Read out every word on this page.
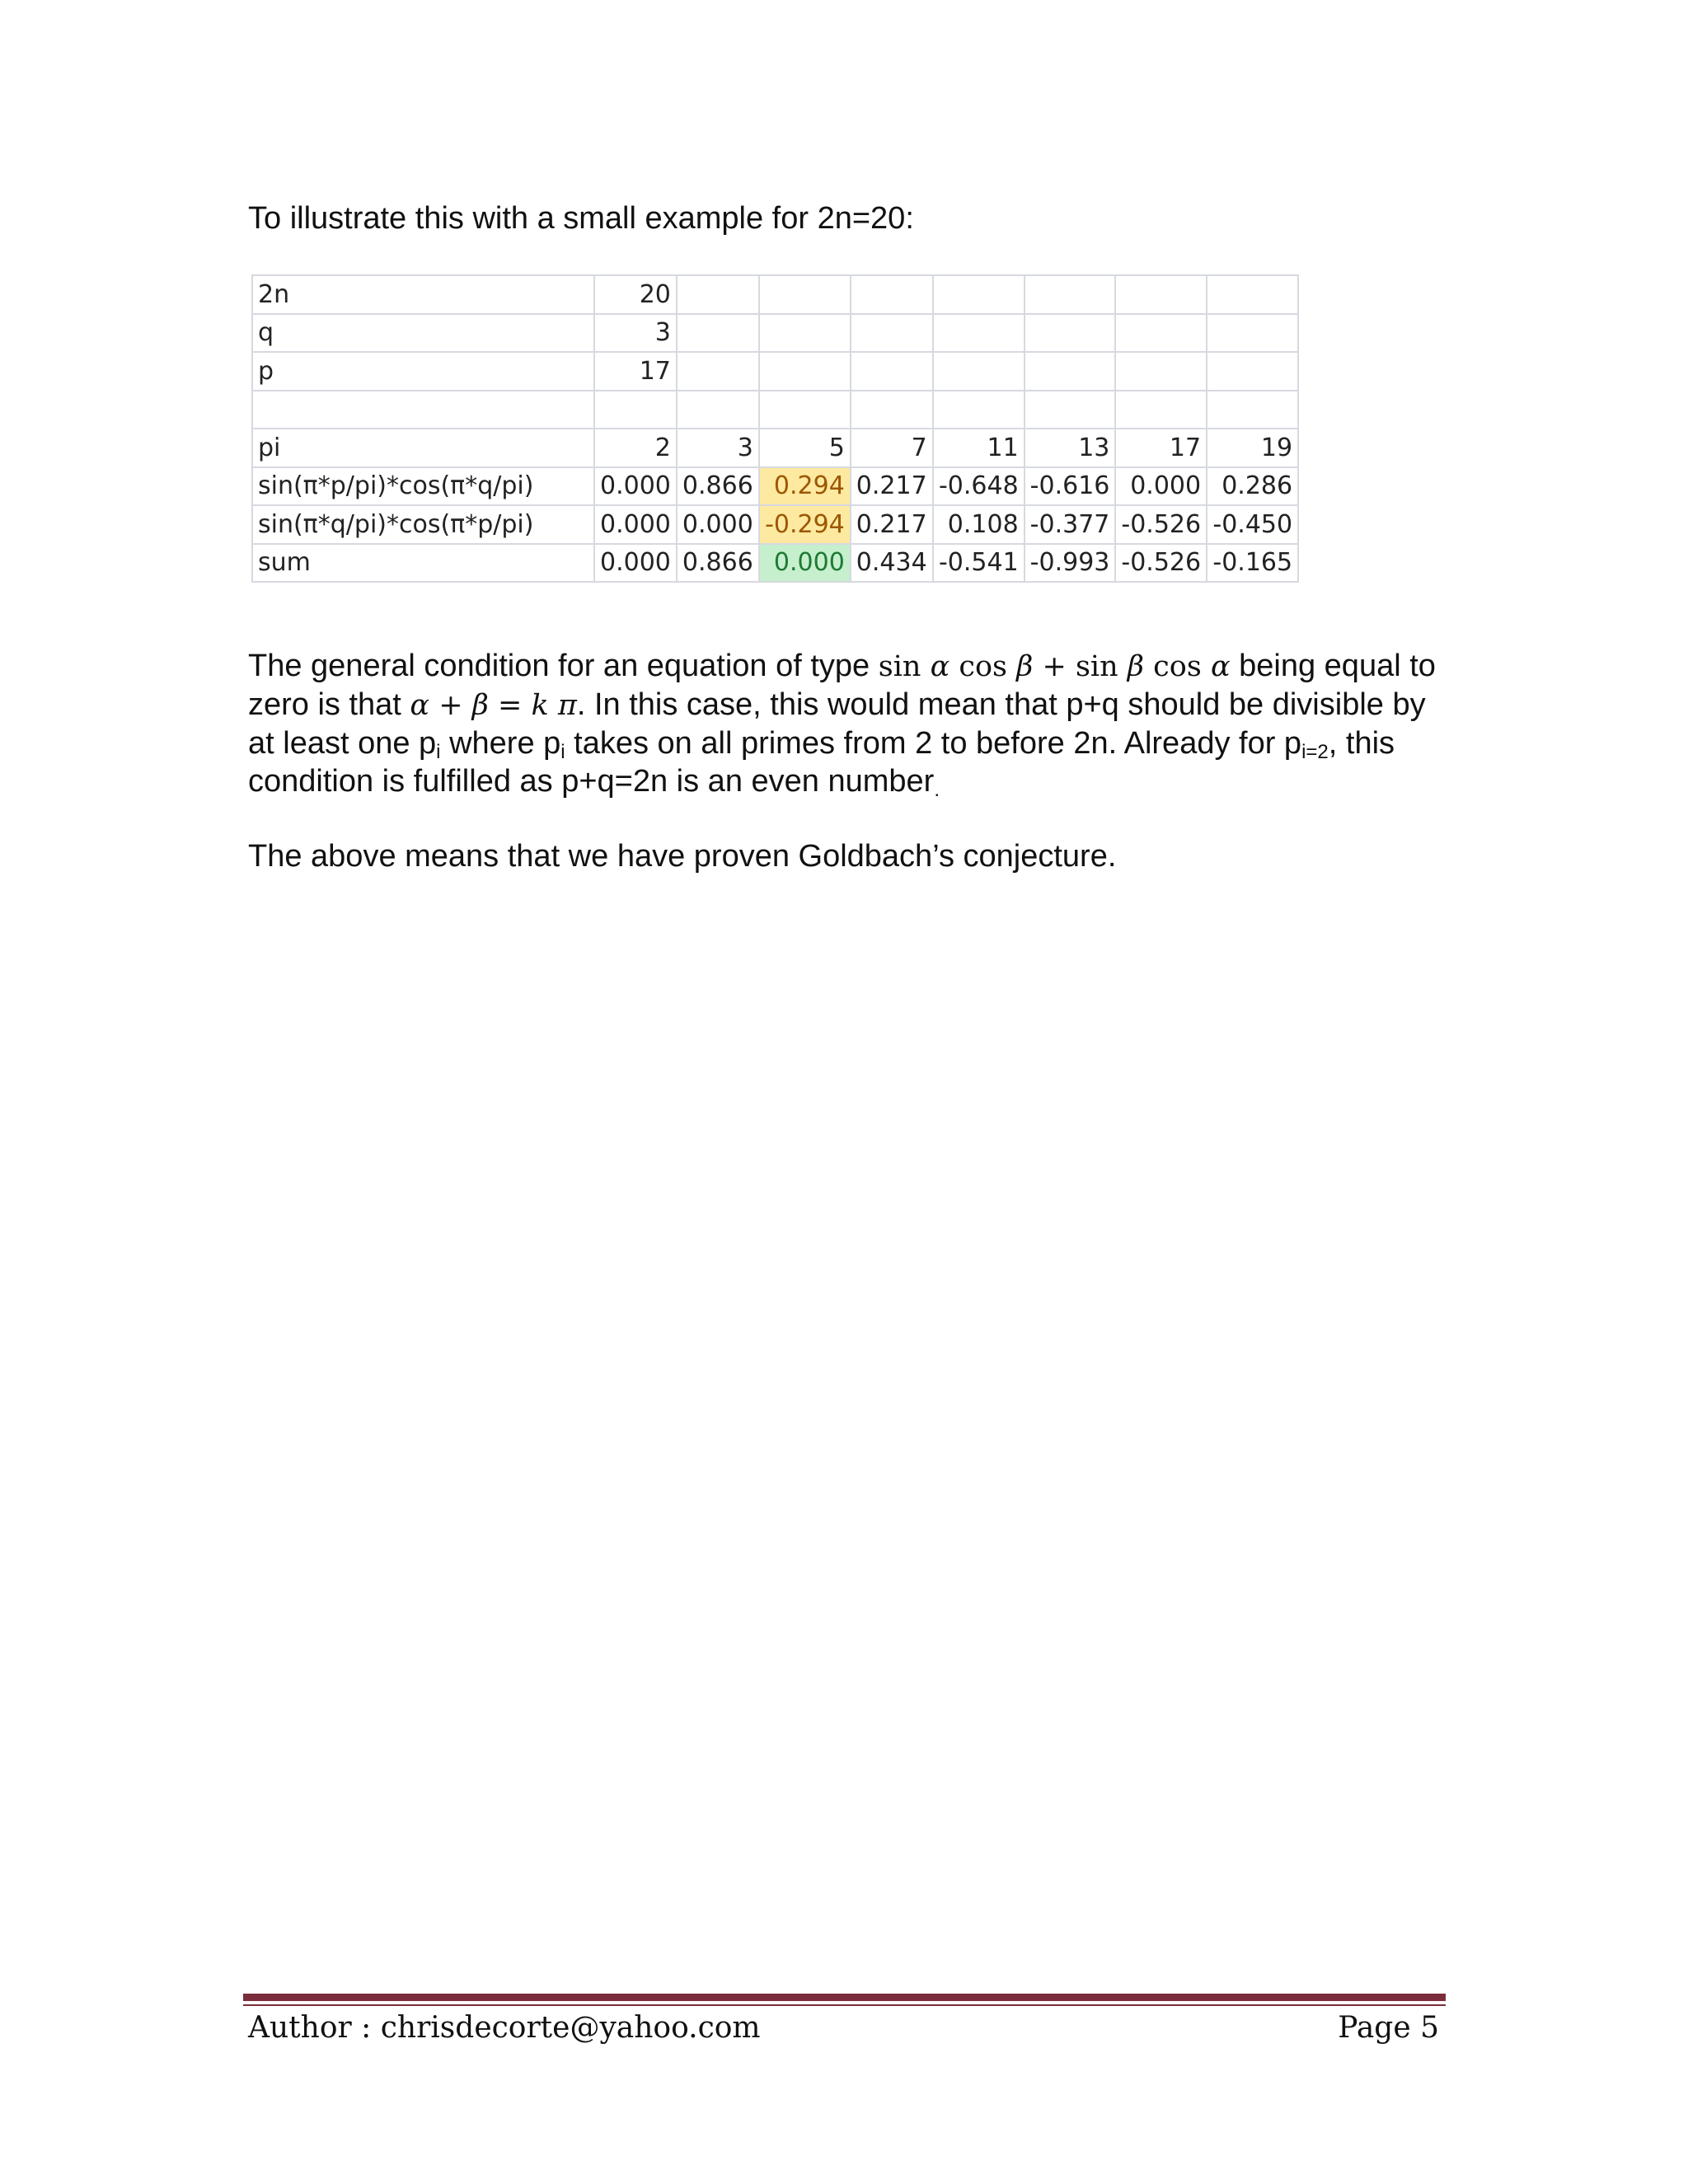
To illustrate this with a small example for 2n=20:

2n	20							
q	3							
p	17							

pi	2	3	5	7	11	13	17	19
sin(π*p/pi)*cos(π*q/pi)	0.000	0.866	0.294	0.217	-0.648	-0.616	0.000	0.286
sin(π*q/pi)*cos(π*p/pi)	0.000	0.000	-0.294	0.217	0.108	-0.377	-0.526	-0.450
sum	0.000	0.866	0.000	0.434	-0.541	-0.993	-0.526	-0.165

The general condition for an equation of type sin α cos β + sin β cos α being equal to zero is that α + β = k π. In this case, this would mean that p+q should be divisible by at least one $p_i$ where $p_i$ takes on all primes from 2 to before 2n. Already for $p_{i=2}$, this condition is fulfilled as p+q=2n is an even number$_.$

The above means that we have proven Goldbach’s conjecture.

Author : chrisdecorte@yahoo.com	Page 5
